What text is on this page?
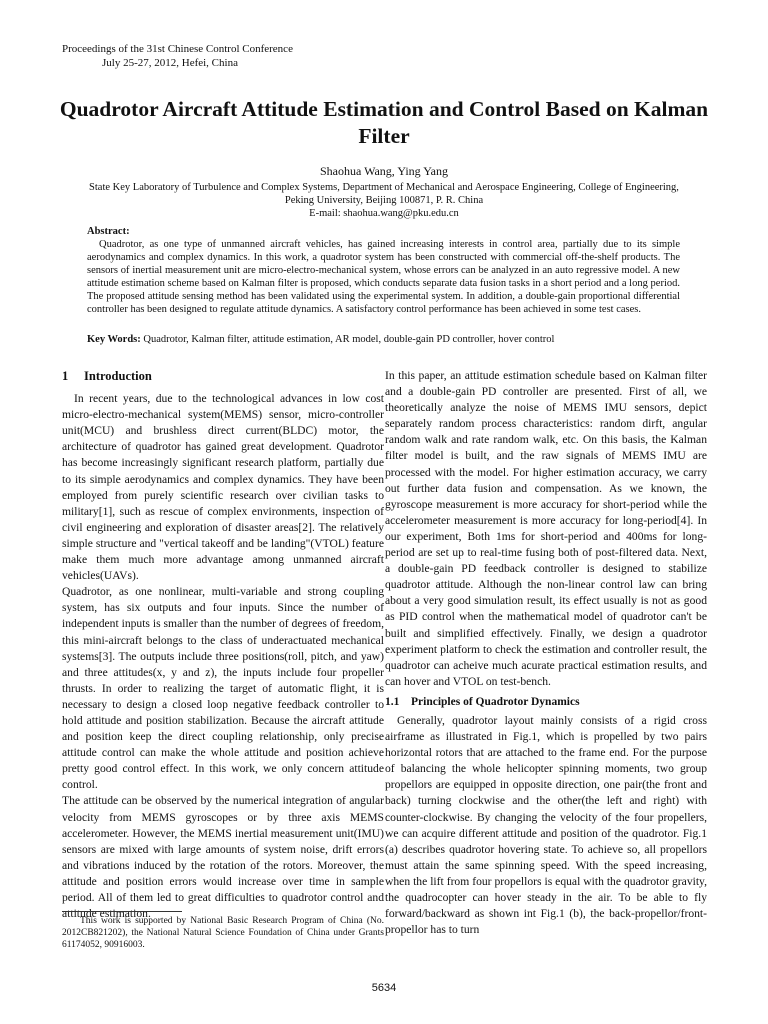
Proceedings of the 31st Chinese Control Conference
July 25-27, 2012, Hefei, China
Quadrotor Aircraft Attitude Estimation and Control Based on Kalman Filter
Shaohua Wang, Ying Yang
State Key Laboratory of Turbulence and Complex Systems, Department of Mechanical and Aerospace Engineering, College of Engineering, Peking University, Beijing 100871, P. R. China
E-mail: shaohua.wang@pku.edu.cn
Abstract:
Quadrotor, as one type of unmanned aircraft vehicles, has gained increasing interests in control area, partially due to its simple aerodynamics and complex dynamics. In this work, a quadrotor system has been constructed with commercial off-the-shelf products. The sensors of inertial measurement unit are micro-electro-mechanical system, whose errors can be analyzed in an auto regressive model. A new attitude estimation scheme based on Kalman filter is proposed, which conducts separate data fusion tasks in a short period and a long period. The proposed attitude sensing method has been validated using the experimental system. In addition, a double-gain proportional differential controller has been designed to regulate attitude dynamics. A satisfactory control performance has been achieved in some test cases.
Key Words: Quadrotor, Kalman filter, attitude estimation, AR model, double-gain PD controller, hover control
1 Introduction

In recent years, due to the technological advances in low cost micro-electro-mechanical system(MEMS) sensor, micro-controller unit(MCU) and brushless direct current(BLDC) motor, the architecture of quadrotor has gained great development. Quadrotor has become increasingly significant research platform, partially due to its simple aerodynamics and complex dynamics. They have been employed from purely scientific research over civilian tasks to military[1], such as rescue of complex environments, inspection of civil engineering and exploration of disaster areas[2]. The relatively simple structure and "vertical takeoff and be landing"(VTOL) feature make them much more advantage among unmanned aircraft vehicles(UAVs).

Quadrotor, as one nonlinear, multi-variable and strong coupling system, has six outputs and four inputs. Since the number of independent inputs is smaller than the number of degrees of freedom, this mini-aircraft belongs to the class of underactuated mechanical systems[3]. The outputs include three positions(roll, pitch, and yaw) and three attitudes(x, y and z), the inputs include four propeller thrusts. In order to realizing the target of automatic flight, it is necessary to design a closed loop negative feedback controller to hold attitude and position stabilization. Because the aircraft attitude and position keep the direct coupling relationship, only precise attitude control can make the whole attitude and position achieve pretty good control effect. In this work, we only concern attitude control.

The attitude can be observed by the numerical integration of angular velocity from MEMS gyroscopes or by three axis MEMS accelerometer. However, the MEMS inertial measurement unit(IMU) sensors are mixed with large amounts of system noise, drift errors and vibrations induced by the rotation of the rotors. Moreover, the attitude and position errors would increase over time in sample period. All of them led to great difficulties to quadrotor control and attitude estimation.

In this paper, an attitude estimation schedule based on Kalman filter and a double-gain PD controller are presented. First of all, we theoretically analyze the noise of MEMS IMU sensors, depict separately random process characteristics: random dirft, angular random walk and rate random walk, etc. On this basis, the Kalman filter model is built, and the raw signals of MEMS IMU are processed with the model. For higher estimation accuracy, we carry out further data fusion and compensation. As we known, the gyroscope measurement is more accuracy for short-period while the accelerometer measurement is more accuracy for long-period[4]. In our experiment, Both 1ms for short-period and 400ms for long-period are set up to real-time fusing both of post-filtered data. Next, a double-gain PD feedback controller is designed to stabilize quadrotor attitude. Although the non-linear control law can bring about a very good simulation result, its effect usually is not as good as PID control when the mathematical model of quadrotor can't be built and simplified effectively. Finally, we design a quadrotor experiment platform to check the estimation and controller result, the quadrotor can acheive much acurate practical estimation results, and can hover and VTOL on test-bench.

1.1 Principles of Quadrotor Dynamics

Generally, quadrotor layout mainly consists of a rigid cross airframe as illustrated in Fig.1, which is propelled by two pairs horizontal rotors that are attached to the frame end. For the purpose of balancing the whole helicopter spinning moments, two group propellors are equipped in opposite direction, one pair(the front and back) turning clockwise and the other(the left and right) with counter-clockwise. By changing the velocity of the four propellers, we can acquire different attitude and position of the quadrotor. Fig.1 (a) describes quadrotor hovering state. To achieve so, all propellors must attain the same spinning speed. With the speed increasing, when the lift from four propellors is equal with the quadrotor gravity, the quadrocopter can hover steady in the air. To be able to fly forward/backward as shown int Fig.1 (b), the back-propellor/front-propellor has to turn

This work is supported by National Basic Research Program of China (No. 2012CB821202), the National Natural Science Foundation of China under Grants 61174052, 90916003.
5634
